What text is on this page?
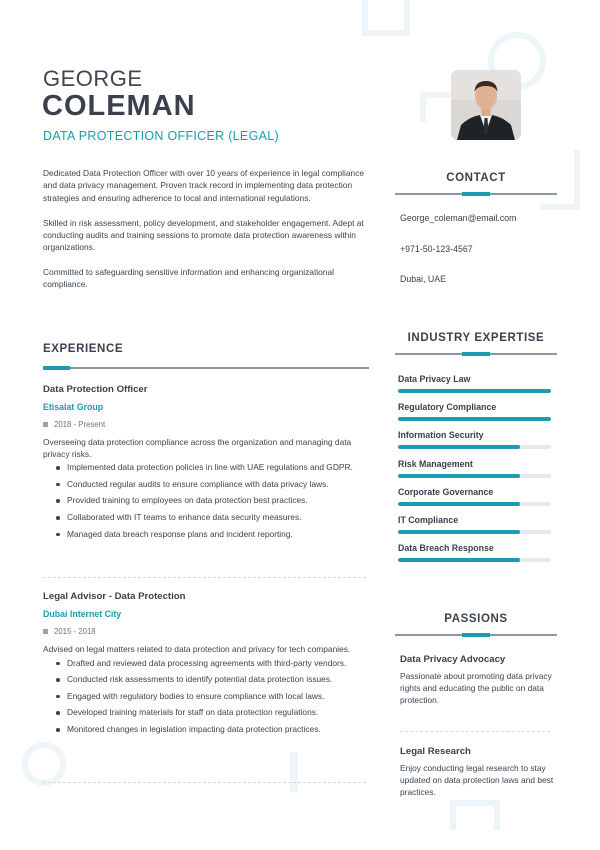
GEORGE
COLEMAN
DATA PROTECTION OFFICER (LEGAL)

Dedicated Data Protection Officer with over 10 years of experience in legal compliance and data privacy management. Proven track record in implementing data protection strategies and ensuring adherence to local and international regulations.

Skilled in risk assessment, policy development, and stakeholder engagement. Adept at conducting audits and training sessions to promote data protection awareness within organizations.

Committed to safeguarding sensitive information and enhancing organizational compliance.

EXPERIENCE
Data Protection Officer
Etisalat Group
2018 - Present
Overseeing data protection compliance across the organization and managing data privacy risks.
Implemented data protection policies in line with UAE regulations and GDPR.
Conducted regular audits to ensure compliance with data privacy laws.
Provided training to employees on data protection best practices.
Collaborated with IT teams to enhance data security measures.
Managed data breach response plans and incident reporting.
Legal Advisor - Data Protection
Dubai Internet City
2015 - 2018
Advised on legal matters related to data protection and privacy for tech companies.
Drafted and reviewed data processing agreements with third-party vendors.
Conducted risk assessments to identify potential data protection issues.
Engaged with regulatory bodies to ensure compliance with local laws.
Developed training materials for staff on data protection regulations.
Monitored changes in legislation impacting data protection practices.
CONTACT
George_coleman@email.com
+971-50-123-4567
Dubai, UAE
INDUSTRY EXPERTISE
Data Privacy Law
Regulatory Compliance
Information Security
Risk Management
Corporate Governance
IT Compliance
Data Breach Response
PASSIONS
Data Privacy Advocacy
Passionate about promoting data privacy rights and educating the public on data protection.
Legal Research
Enjoy conducting legal research to stay updated on data protection laws and best practices.
